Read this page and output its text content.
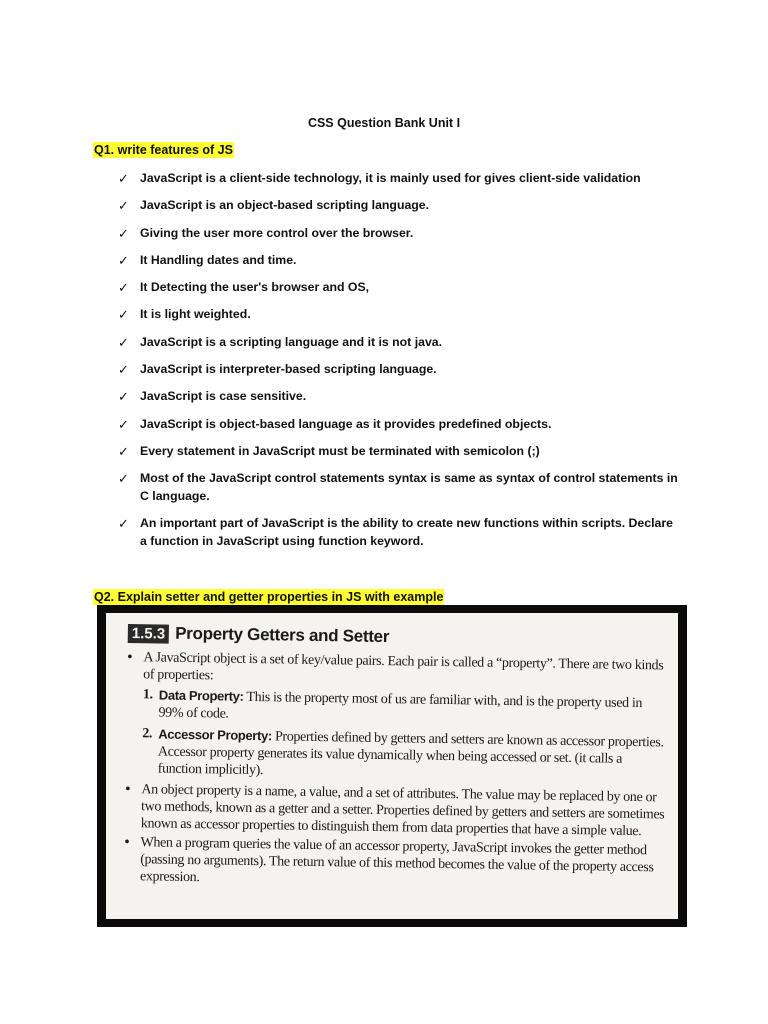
CSS Question Bank Unit I
Q1. write features of JS
✓ JavaScript is a client-side technology, it is mainly used for gives client-side validation
✓ JavaScript is an object-based scripting language.
✓ Giving the user more control over the browser.
✓ It Handling dates and time.
✓ It Detecting the user's browser and OS,
✓ It is light weighted.
✓ JavaScript is a scripting language and it is not java.
✓ JavaScript is interpreter-based scripting language.
✓ JavaScript is case sensitive.
✓ JavaScript is object-based language as it provides predefined objects.
✓ Every statement in JavaScript must be terminated with semicolon (;)
✓ Most of the JavaScript control statements syntax is same as syntax of control statements in C language.
✓ An important part of JavaScript is the ability to create new functions within scripts. Declare a function in JavaScript using function keyword.
Q2. Explain setter and getter properties in JS with example
1.5.3 Property Getters and Setter
• A JavaScript object is a set of key/value pairs. Each pair is called a “property”. There are two kinds of properties:
1. Data Property: This is the property most of us are familiar with, and is the property used in 99% of code.
2. Accessor Property: Properties defined by getters and setters are known as accessor properties. Accessor property generates its value dynamically when being accessed or set. (it calls a function implicitly).
• An object property is a name, a value, and a set of attributes. The value may be replaced by one or two methods, known as a getter and a setter. Properties defined by getters and setters are sometimes known as accessor properties to distinguish them from data properties that have a simple value.
• When a program queries the value of an accessor property, JavaScript invokes the getter method (passing no arguments). The return value of this method becomes the value of the property access expression.
